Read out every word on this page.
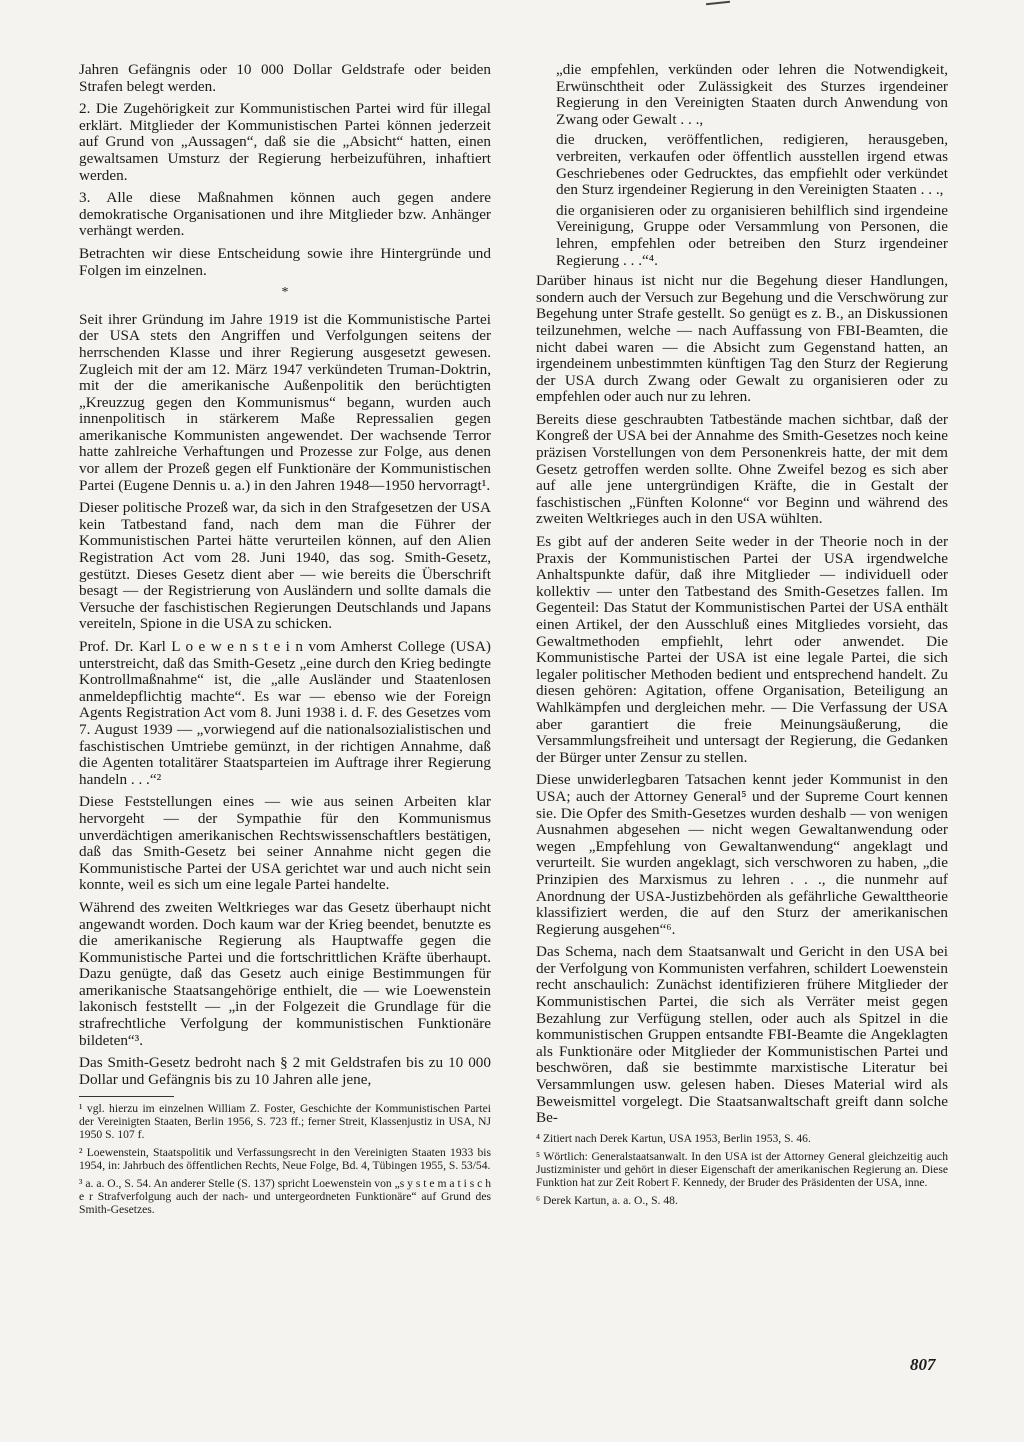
Jahren Gefängnis oder 10 000 Dollar Geldstrafe oder beiden Strafen belegt werden.

2. Die Zugehörigkeit zur Kommunistischen Partei wird für illegal erklärt. Mitglieder der Kommunistischen Partei können jederzeit auf Grund von „Aussagen“, daß sie die „Absicht“ hatten, einen gewaltsamen Umsturz der Regierung herbeizuführen, inhaftiert werden.

3. Alle diese Maßnahmen können auch gegen andere demokratische Organisationen und ihre Mitglieder bzw. Anhänger verhängt werden.

Betrachten wir diese Entscheidung sowie ihre Hintergründe und Folgen im einzelnen.

*

Seit ihrer Gründung im Jahre 1919 ist die Kommunistische Partei der USA stets den Angriffen und Verfolgungen seitens der herrschenden Klasse und ihrer Regierung ausgesetzt gewesen. Zugleich mit der am 12. März 1947 verkündeten Truman-Doktrin, mit der die amerikanische Außenpolitik den berüchtigten „Kreuzzug gegen den Kommunismus“ begann, wurden auch innenpolitisch in stärkerem Maße Repressalien gegen amerikanische Kommunisten angewendet. Der wachsende Terror hatte zahlreiche Verhaftungen und Prozesse zur Folge, aus denen vor allem der Prozeß gegen elf Funktionäre der Kommunistischen Partei (Eugene Dennis u. a.) in den Jahren 1948—1950 hervorragt¹.

Dieser politische Prozeß war, da sich in den Strafgesetzen der USA kein Tatbestand fand, nach dem man die Führer der Kommunistischen Partei hätte verurteilen können, auf den Alien Registration Act vom 28. Juni 1940, das sog. Smith-Gesetz, gestützt. Dieses Gesetz dient aber — wie bereits die Überschrift besagt — der Registrierung von Ausländern und sollte damals die Versuche der faschistischen Regierungen Deutschlands und Japans vereiteln, Spione in die USA zu schicken.

Prof. Dr. Karl L o e w e n s t e i n vom Amherst College (USA) unterstreicht, daß das Smith-Gesetz „eine durch den Krieg bedingte Kontrollmaßnahme“ ist, die „alle Ausländer und Staatenlosen anmeldepflichtig machte“. Es war — ebenso wie der Foreign Agents Registration Act vom 8. Juni 1938 i. d. F. des Gesetzes vom 7. August 1939 — „vorwiegend auf die nationalsozialistischen und faschistischen Umtriebe gemünzt, in der richtigen Annahme, daß die Agenten totalitärer Staatsparteien im Auftrage ihrer Regierung handeln . . .“²

Diese Feststellungen eines — wie aus seinen Arbeiten klar hervorgeht — der Sympathie für den Kommunismus unverdächtigen amerikanischen Rechtswissenschaftlers bestätigen, daß das Smith-Gesetz bei seiner Annahme nicht gegen die Kommunistische Partei der USA gerichtet war und auch nicht sein konnte, weil es sich um eine legale Partei handelte.

Während des zweiten Weltkrieges war das Gesetz überhaupt nicht angewandt worden. Doch kaum war der Krieg beendet, benutzte es die amerikanische Regierung als Hauptwaffe gegen die Kommunistische Partei und die fortschrittlichen Kräfte überhaupt. Dazu genügte, daß das Gesetz auch einige Bestimmungen für amerikanische Staatsangehörige enthielt, die — wie Loewenstein lakonisch feststellt — „in der Folgezeit die Grundlage für die strafrechtliche Verfolgung der kommunistischen Funktionäre bildeten“³.

Das Smith-Gesetz bedroht nach § 2 mit Geldstrafen bis zu 10 000 Dollar und Gefängnis bis zu 10 Jahren alle jene,

¹ vgl. hierzu im einzelnen William Z. Foster, Geschichte der Kommunistischen Partei der Vereinigten Staaten, Berlin 1956, S. 723 ff.; ferner Streit, Klassenjustiz in USA, NJ 1950 S. 107 f.

² Loewenstein, Staatspolitik und Verfassungsrecht in den Vereinigten Staaten 1933 bis 1954, in: Jahrbuch des öffentlichen Rechts, Neue Folge, Bd. 4, Tübingen 1955, S. 53/54.

³ a. a. O., S. 54. An anderer Stelle (S. 137) spricht Loewenstein von „s y s t e m a t i s c h e r Strafverfolgung auch der nach- und untergeordneten Funktionäre“ auf Grund des Smith-Gesetzes.

„die empfehlen, verkünden oder lehren die Notwendigkeit, Erwünschtheit oder Zulässigkeit des Sturzes irgendeiner Regierung in den Vereinigten Staaten durch Anwendung von Zwang oder Gewalt . . .,

die drucken, veröffentlichen, redigieren, herausgeben, verbreiten, verkaufen oder öffentlich ausstellen irgend etwas Geschriebenes oder Gedrucktes, das empfiehlt oder verkündet den Sturz irgendeiner Regierung in den Vereinigten Staaten . . .,

die organisieren oder zu organisieren behilflich sind irgendeine Vereinigung, Gruppe oder Versammlung von Personen, die lehren, empfehlen oder betreiben den Sturz irgendeiner Regierung . . .“⁴.

Darüber hinaus ist nicht nur die Begehung dieser Handlungen, sondern auch der Versuch zur Begehung und die Verschwörung zur Begehung unter Strafe gestellt. So genügt es z. B., an Diskussionen teilzunehmen, welche — nach Auffassung von FBI-Beamten, die nicht dabei waren — die Absicht zum Gegenstand hatten, an irgendeinem unbestimmten künftigen Tag den Sturz der Regierung der USA durch Zwang oder Gewalt zu organisieren oder zu empfehlen oder auch nur zu lehren.

Bereits diese geschraubten Tatbestände machen sichtbar, daß der Kongreß der USA bei der Annahme des Smith-Gesetzes noch keine präzisen Vorstellungen von dem Personenkreis hatte, der mit dem Gesetz getroffen werden sollte. Ohne Zweifel bezog es sich aber auf alle jene untergründigen Kräfte, die in Gestalt der faschistischen „Fünften Kolonne“ vor Beginn und während des zweiten Weltkrieges auch in den USA wühlten.

Es gibt auf der anderen Seite weder in der Theorie noch in der Praxis der Kommunistischen Partei der USA irgendwelche Anhaltspunkte dafür, daß ihre Mitglieder — individuell oder kollektiv — unter den Tatbestand des Smith-Gesetzes fallen. Im Gegenteil: Das Statut der Kommunistischen Partei der USA enthält einen Artikel, der den Ausschluß eines Mitgliedes vorsieht, das Gewaltmethoden empfiehlt, lehrt oder anwendet. Die Kommunistische Partei der USA ist eine legale Partei, die sich legaler politischer Methoden bedient und entsprechend handelt. Zu diesen gehören: Agitation, offene Organisation, Beteiligung an Wahlkämpfen und dergleichen mehr. — Die Verfassung der USA aber garantiert die freie Meinungsäußerung, die Versammlungsfreiheit und untersagt der Regierung, die Gedanken der Bürger unter Zensur zu stellen.

Diese unwiderlegbaren Tatsachen kennt jeder Kommunist in den USA; auch der Attorney General⁵ und der Supreme Court kennen sie. Die Opfer des Smith-Gesetzes wurden deshalb — von wenigen Ausnahmen abgesehen — nicht wegen Gewaltanwendung oder wegen „Empfehlung von Gewaltanwendung“ angeklagt und verurteilt. Sie wurden angeklagt, sich verschworen zu haben, „die Prinzipien des Marxismus zu lehren . . ., die nunmehr auf Anordnung der USA-Justizbehörden als gefährliche Gewalttheorie klassifiziert werden, die auf den Sturz der amerikanischen Regierung ausgehen“⁶.

Das Schema, nach dem Staatsanwalt und Gericht in den USA bei der Verfolgung von Kommunisten verfahren, schildert Loewenstein recht anschaulich: Zunächst identifizieren frühere Mitglieder der Kommunistischen Partei, die sich als Verräter meist gegen Bezahlung zur Verfügung stellen, oder auch als Spitzel in die kommunistischen Gruppen entsandte FBI-Beamte die Angeklagten als Funktionäre oder Mitglieder der Kommunistischen Partei und beschwören, daß sie bestimmte marxistische Literatur bei Versammlungen usw. gelesen haben. Dieses Material wird als Beweismittel vorgelegt. Die Staatsanwaltschaft greift dann solche Be-

⁴ Zitiert nach Derek Kartun, USA 1953, Berlin 1953, S. 46.

⁵ Wörtlich: Generalstaatsanwalt. In den USA ist der Attorney General gleichzeitig auch Justizminister und gehört in dieser Eigenschaft der amerikanischen Regierung an. Diese Funktion hat zur Zeit Robert F. Kennedy, der Bruder des Präsidenten der USA, inne.

⁶ Derek Kartun, a. a. O., S. 48.

807
